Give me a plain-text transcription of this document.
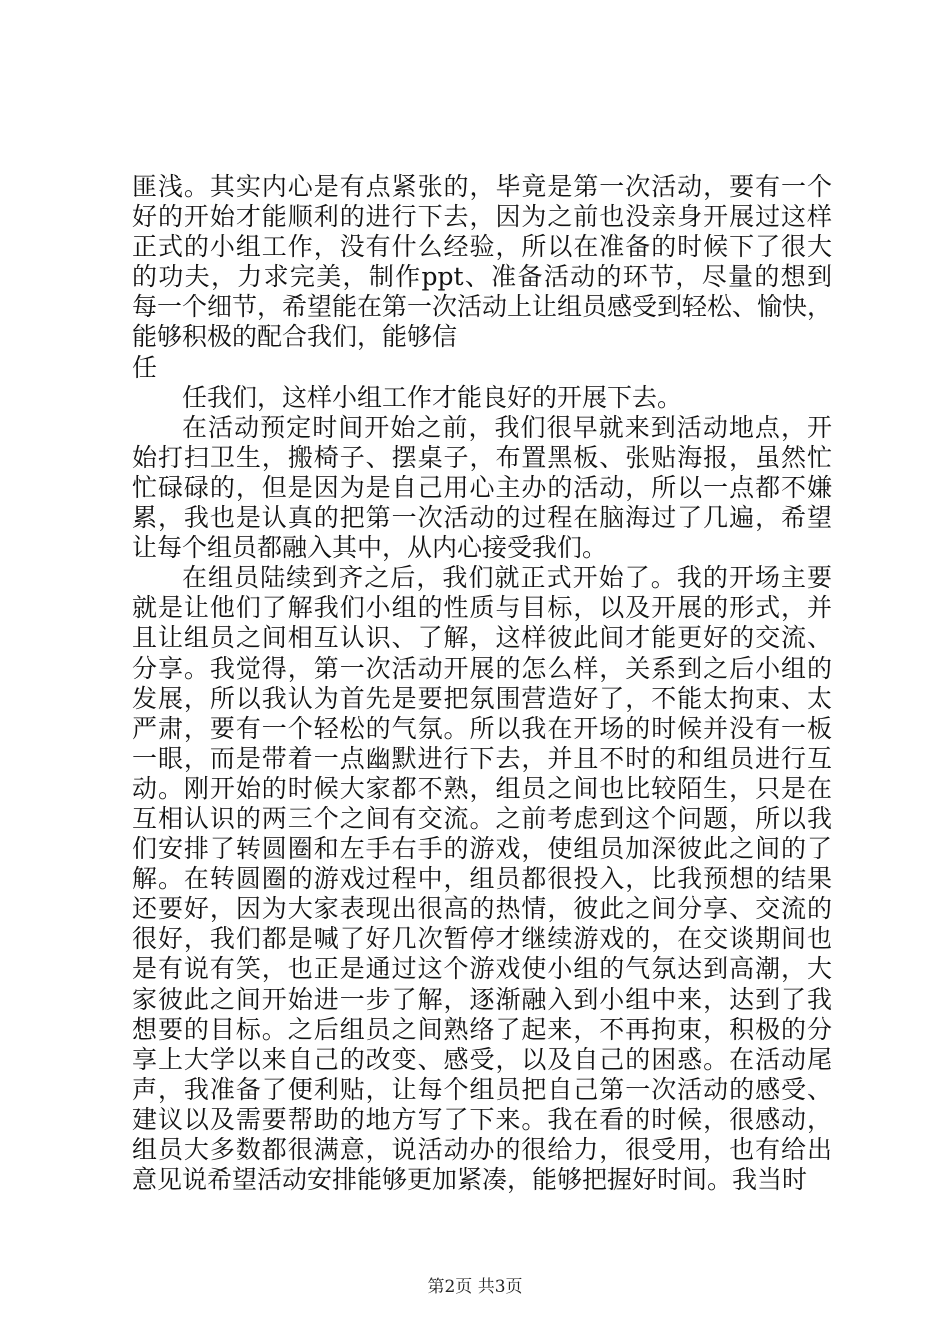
匪浅。其实内心是有点紧张的，毕竟是第一次活动，要有一个
好的开始才能顺利的进行下去，因为之前也没亲身开展过这样
正式的小组工作，没有什么经验，所以在准备的时候下了很大
的功夫，力求完美，制作ppt、准备活动的环节，尽量的想到
每一个细节，希望能在第一次活动上让组员感受到轻松、愉快，
能够积极的配合我们，能够信
任
任我们，这样小组工作才能良好的开展下去。
在活动预定时间开始之前，我们很早就来到活动地点，开
始打扫卫生，搬椅子、摆桌子，布置黑板、张贴海报，虽然忙
忙碌碌的，但是因为是自己用心主办的活动，所以一点都不嫌
累，我也是认真的把第一次活动的过程在脑海过了几遍，希望
让每个组员都融入其中，从内心接受我们。
在组员陆续到齐之后，我们就正式开始了。我的开场主要
就是让他们了解我们小组的性质与目标，以及开展的形式，并
且让组员之间相互认识、了解，这样彼此间才能更好的交流、
分享。我觉得，第一次活动开展的怎么样，关系到之后小组的
发展，所以我认为首先是要把氛围营造好了，不能太拘束、太
严肃，要有一个轻松的气氛。所以我在开场的时候并没有一板
一眼，而是带着一点幽默进行下去，并且不时的和组员进行互
动。刚开始的时候大家都不熟，组员之间也比较陌生，只是在
互相认识的两三个之间有交流。之前考虑到这个问题，所以我
们安排了转圆圈和左手右手的游戏，使组员加深彼此之间的了
解。在转圆圈的游戏过程中，组员都很投入，比我预想的结果
还要好，因为大家表现出很高的热情，彼此之间分享、交流的
很好，我们都是喊了好几次暂停才继续游戏的，在交谈期间也
是有说有笑，也正是通过这个游戏使小组的气氛达到高潮，大
家彼此之间开始进一步了解，逐渐融入到小组中来，达到了我
想要的目标。之后组员之间熟络了起来，不再拘束，积极的分
享上大学以来自己的改变、感受，以及自己的困惑。在活动尾
声，我准备了便利贴，让每个组员把自己第一次活动的感受、
建议以及需要帮助的地方写了下来。我在看的时候，很感动，
组员大多数都很满意，说活动办的很给力，很受用，也有给出
意见说希望活动安排能够更加紧凑，能够把握好时间。我当时
第2页 共3页
